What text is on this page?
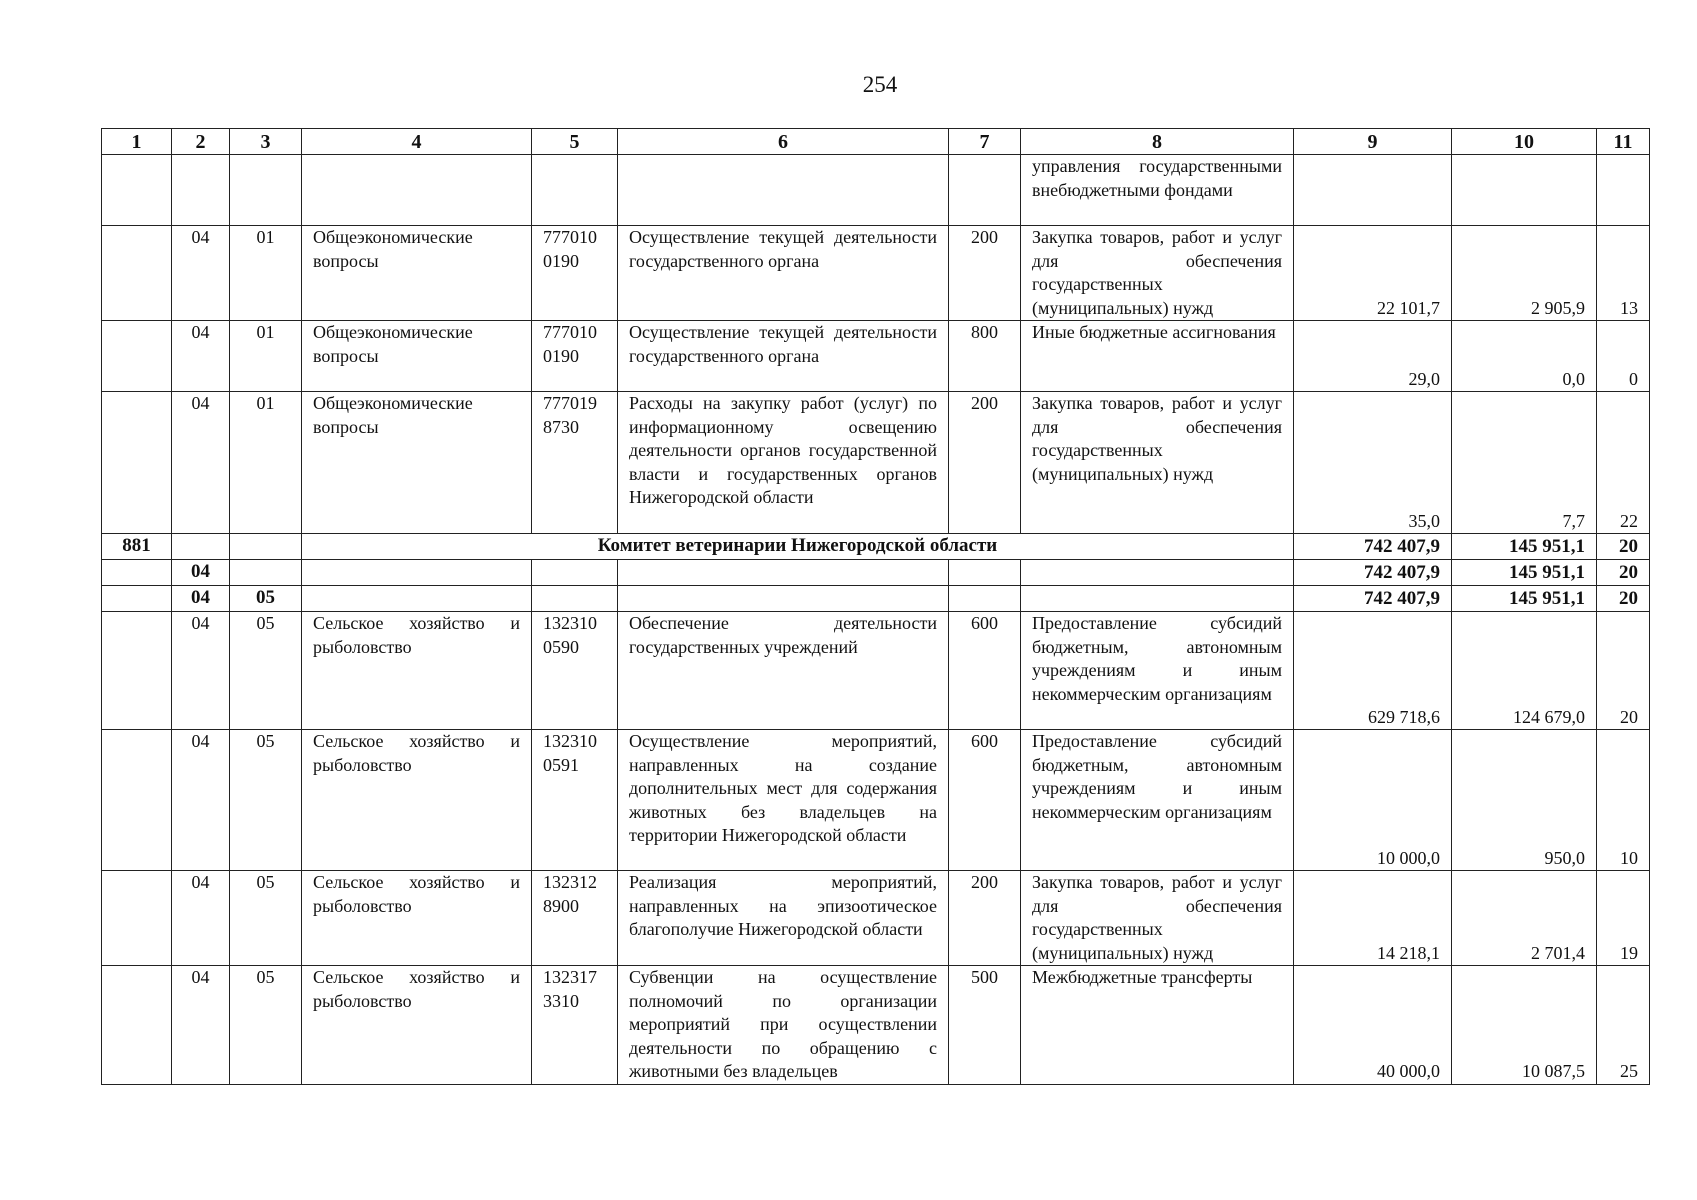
254
1	2	3	4	5	6	7	8	9	10	11
							управления государственными внебюджетными фондами			
	04	01	Общеэкономические вопросы	777010 0190	Осуществление текущей деятельности государственного органа	200	Закупка товаров, работ и услуг для обеспечения государственных (муниципальных) нужд	22 101,7	2 905,9	13
	04	01	Общеэкономические вопросы	777010 0190	Осуществление текущей деятельности государственного органа	800	Иные бюджетные ассигнования	29,0	0,0	0
	04	01	Общеэкономические вопросы	777019 8730	Расходы на закупку работ (услуг) по информационному освещению деятельности органов государственной власти и государственных органов Нижегородской области	200	Закупка товаров, работ и услуг для обеспечения государственных (муниципальных) нужд	35,0	7,7	22
881			Комитет ветеринарии Нижегородской области					742 407,9	145 951,1	20
	04							742 407,9	145 951,1	20
	04	05						742 407,9	145 951,1	20
	04	05	Сельское хозяйство и рыболовство	132310 0590	Обеспечение деятельности государственных учреждений	600	Предоставление субсидий бюджетным, автономным учреждениям и иным некоммерческим организациям	629 718,6	124 679,0	20
	04	05	Сельское хозяйство и рыболовство	132310 0591	Осуществление мероприятий, направленных на создание дополнительных мест для содержания животных без владельцев на территории Нижегородской области	600	Предоставление субсидий бюджетным, автономным учреждениям и иным некоммерческим организациям	10 000,0	950,0	10
	04	05	Сельское хозяйство и рыболовство	132312 8900	Реализация мероприятий, направленных на эпизоотическое благополучие Нижегородской области	200	Закупка товаров, работ и услуг для обеспечения государственных (муниципальных) нужд	14 218,1	2 701,4	19
	04	05	Сельское хозяйство и рыболовство	132317 3310	Субвенции на осуществление полномочий по организации мероприятий при осуществлении деятельности по обращению с животными без владельцев	500	Межбюджетные трансферты	40 000,0	10 087,5	25
